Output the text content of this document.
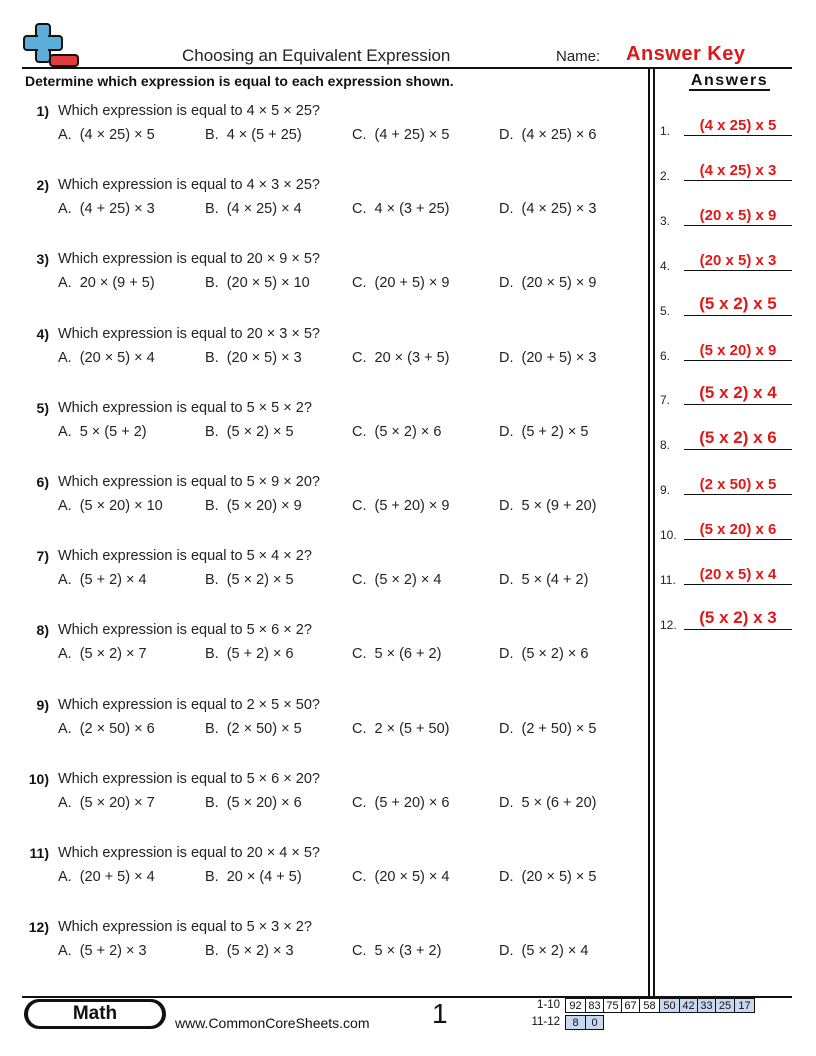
Choosing an Equivalent Expression	Name: Answer Key
Determine which expression is equal to each expression shown.
1) Which expression is equal to 4 × 5 × 25?
A. (4 × 25) × 5	B. 4 × (5 + 25)	C. (4 + 25) × 5	D. (4 × 25) × 6
2) Which expression is equal to 4 × 3 × 25?
A. (4 + 25) × 3	B. (4 × 25) × 4	C. 4 × (3 + 25)	D. (4 × 25) × 3
3) Which expression is equal to 20 × 9 × 5?
A. 20 × (9 + 5)	B. (20 × 5) × 10	C. (20 + 5) × 9	D. (20 × 5) × 9
4) Which expression is equal to 20 × 3 × 5?
A. (20 × 5) × 4	B. (20 × 5) × 3	C. 20 × (3 + 5)	D. (20 + 5) × 3
5) Which expression is equal to 5 × 5 × 2?
A. 5 × (5 + 2)	B. (5 × 2) × 5	C. (5 × 2) × 6	D. (5 + 2) × 5
6) Which expression is equal to 5 × 9 × 20?
A. (5 × 20) × 10	B. (5 × 20) × 9	C. (5 + 20) × 9	D. 5 × (9 + 20)
7) Which expression is equal to 5 × 4 × 2?
A. (5 + 2) × 4	B. (5 × 2) × 5	C. (5 × 2) × 4	D. 5 × (4 + 2)
8) Which expression is equal to 5 × 6 × 2?
A. (5 × 2) × 7	B. (5 + 2) × 6	C. 5 × (6 + 2)	D. (5 × 2) × 6
9) Which expression is equal to 2 × 5 × 50?
A. (2 × 50) × 6	B. (2 × 50) × 5	C. 2 × (5 + 50)	D. (2 + 50) × 5
10) Which expression is equal to 5 × 6 × 20?
A. (5 × 20) × 7	B. (5 × 20) × 6	C. (5 + 20) × 6	D. 5 × (6 + 20)
11) Which expression is equal to 20 × 4 × 5?
A. (20 + 5) × 4	B. 20 × (4 + 5)	C. (20 × 5) × 4	D. (20 × 5) × 5
12) Which expression is equal to 5 × 3 × 2?
A. (5 + 2) × 3	B. (5 × 2) × 3	C. 5 × (3 + 2)	D. (5 × 2) × 4
Answers
1.	(4 x 25) x 5
2.	(4 x 25) x 3
3.	(20 x 5) x 9
4.	(20 x 5) x 3
5.	(5 x 2) x 5
6.	(5 x 20) x 9
7.	(5 x 2) x 4
8.	(5 x 2) x 6
9.	(2 x 50) x 5
10.	(5 x 20) x 6
11.	(20 x 5) x 4
12.	(5 x 2) x 3
Math	www.CommonCoreSheets.com 1	1-10 92 83 75 67 58 50 42 33 25 17
11-12	8	0
